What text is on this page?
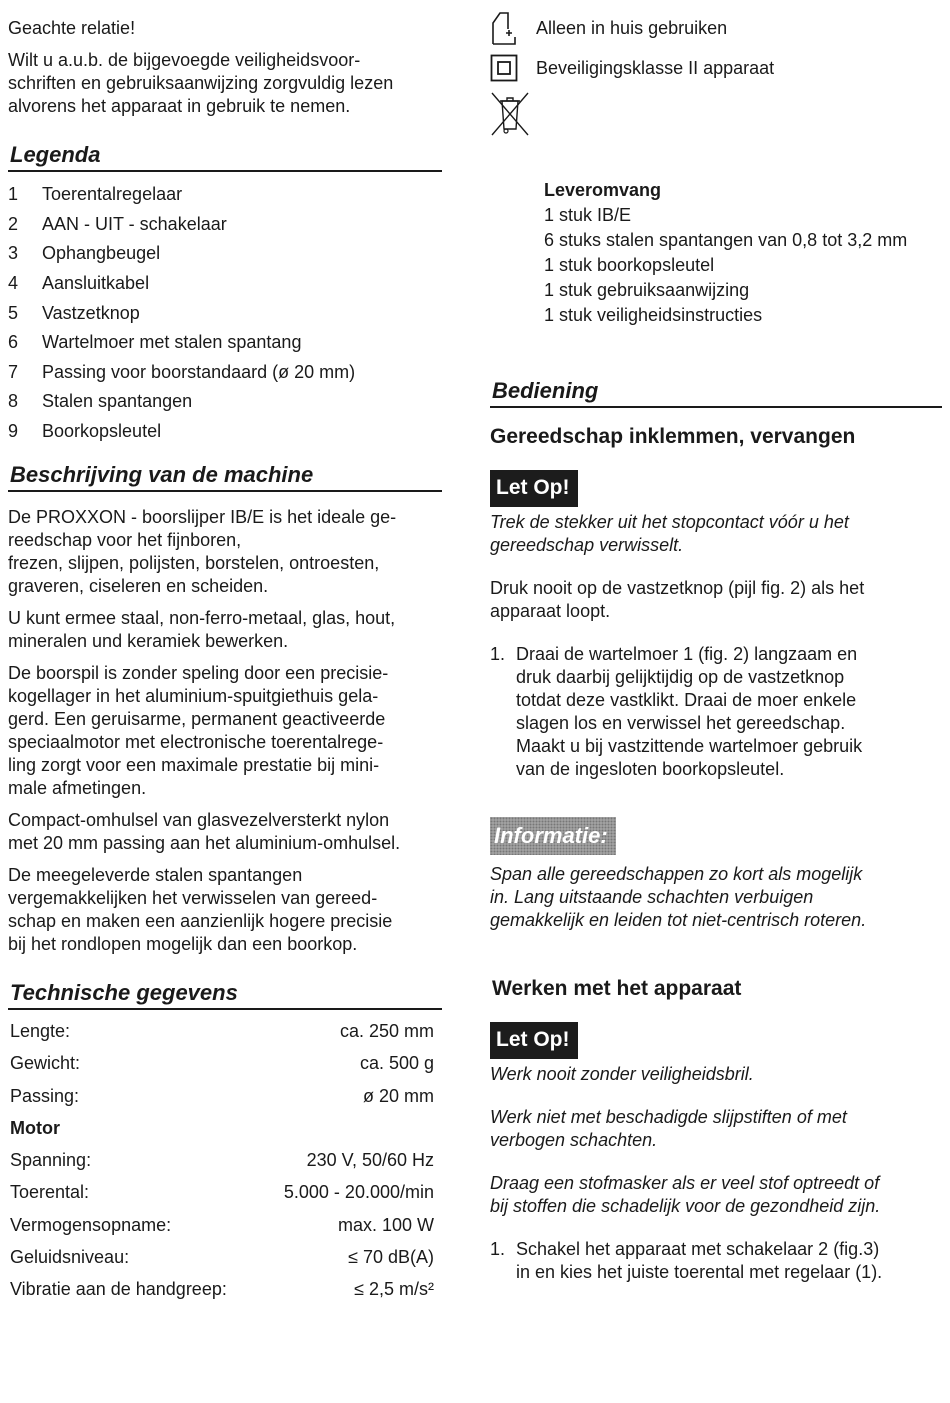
Geachte relatie!

Wilt u a.u.b. de bijgevoegde veiligheidsvoor-
schriften en gebruiksaanwijzing zorgvuldig lezen
alvorens het apparaat in gebruik te nemen.

Legenda
1	Toerentalregelaar
2	AAN - UIT - schakelaar
3	Ophangbeugel
4	Aansluitkabel
5	Vastzetknop
6	Wartelmoer met stalen spantang
7	Passing voor boorstandaard (ø 20 mm)
8	Stalen spantangen
9	Boorkopsleutel
Beschrijving van de machine

De PROXXON - boorslijper IB/E is het ideale ge-
reedschap voor het fijnboren,
frezen, slijpen, polijsten, borstelen, ontroesten,
graveren, ciseleren en scheiden.

U kunt ermee staal, non-ferro-metaal, glas, hout,
mineralen und keramiek bewerken.

De boorspil is zonder speling door een precisie-
kogellager in het aluminium-spuitgiethuis gela-
gerd. Een geruisarme, permanent geactiveerde
speciaalmotor met electronische toerentalrege-
ling zorgt voor een maximale prestatie bij mini-
male afmetingen.

Compact-omhulsel van glasvezelversterkt nylon
met 20 mm passing aan het aluminium-omhulsel.

De meegeleverde stalen spantangen
vergemakkelijken het verwisselen van gereed-
schap en maken een aanzienlijk hogere precisie
bij het rondlopen mogelijk dan een boorkop.

Technische gegevens
Lengte:	ca. 250 mm
Gewicht:	ca. 500 g
Passing:	ø 20 mm
Motor
Spanning:	230 V, 50/60 Hz
Toerental:	5.000 - 20.000/min
Vermogensopname:	max. 100 W
Geluidsniveau:	≤ 70 dB(A)
Vibratie aan de handgreep:	≤ 2,5 m/s²
Alleen in huis gebruiken
Beveiligingsklasse II apparaat

Leveromvang

1 stuk IB/E

6 stuks stalen spantangen van 0,8 tot 3,2 mm

1 stuk boorkopsleutel

1 stuk gebruiksaanwijzing

1 stuk veiligheidsinstructies

Bediening
Gereedschap inklemmen, vervangen
Let Op!

Trek de stekker uit het stopcontact vóór u het
gereedschap verwisselt.

Druk nooit op de vastzetknop (pijl fig. 2) als het
apparaat loopt.

1. Draai de wartelmoer 1 (fig. 2) langzaam en
druk daarbij gelijktijdig op de vastzetknop
totdat deze vastklikt. Draai de moer enkele
slagen los en verwissel het gereedschap.
Maakt u bij vastzittende wartelmoer gebruik
van de ingesloten boorkopsleutel.
Informatie:

Span alle gereedschappen zo kort als mogelijk
in. Lang uitstaande schachten verbuigen
gemakkelijk en leiden tot niet-centrisch roteren.

Werken met het apparaat
Let Op!

Werk nooit zonder veiligheidsbril.

Werk niet met beschadigde slijpstiften of met
verbogen schachten.

Draag een stofmasker als er veel stof optreedt of
bij stoffen die schadelijk voor de gezondheid zijn.

1. Schakel het apparaat met schakelaar 2 (fig.3)
in en kies het juiste toerental met regelaar (1).
